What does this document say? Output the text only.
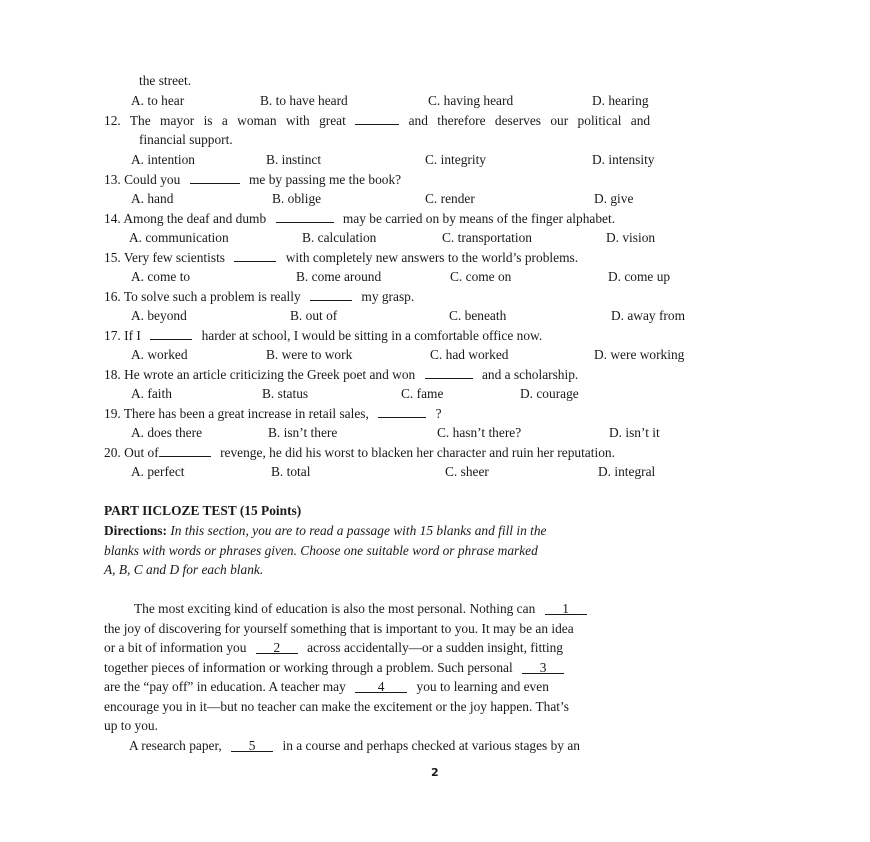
the street.
A. to hear	B. to have heard	C. having heard	D. hearing
12. The mayor is a woman with great	and therefore deserves our political and
financial support.
A. intention	B. instinct	C. integrity	D. intensity
13. Could you	me by passing me the book?
A. hand	B. oblige	C. render	D. give
14. Among the deaf and dumb	may be carried on by means of the finger alphabet.
A. communication	B. calculation	C. transportation	D. vision
15. Very few scientists	with completely new answers to the world’s problems.
A. come to	B. come around	C. come on	D. come up
16. To solve such a problem is really	my grasp.
A. beyond	B. out of	C. beneath	D. away from
17. If I	harder at school, I would be sitting in a comfortable office now.
A. worked	B. were to work	C. had worked	D. were working
18. He wrote an article criticizing the Greek poet and won	and a scholarship.
A. faith	B. status	C. fame	D. courage
19. There has been a great increase in retail sales,	?
A. does there	B. isn’t there	C. hasn’t there?	D. isn’t it
20. Out of	revenge, he did his worst to blacken her character and ruin her reputation.
A. perfect	B. total	C. sheer	D. integral
PART IICLOZE TEST (15 Points)
Directions: In this section, you are to read a passage with 15 blanks and fill in the
blanks with words or phrases given. Choose one suitable word or phrase marked
A, B, C and D for each blank.
The most exciting kind of education is also the most personal. Nothing can 1
the joy of discovering for yourself something that is important to you. It may be an idea
or a bit of information you 2 across accidentally—or a sudden insight, fitting
together pieces of information or working through a problem. Such personal 3
are the “pay off” in education. A teacher may 4 you to learning and even
encourage you in it—but no teacher can make the excitement or the joy happen. That’s
up to you.
A research paper, 5 in a course and perhaps checked at various stages by an
2
